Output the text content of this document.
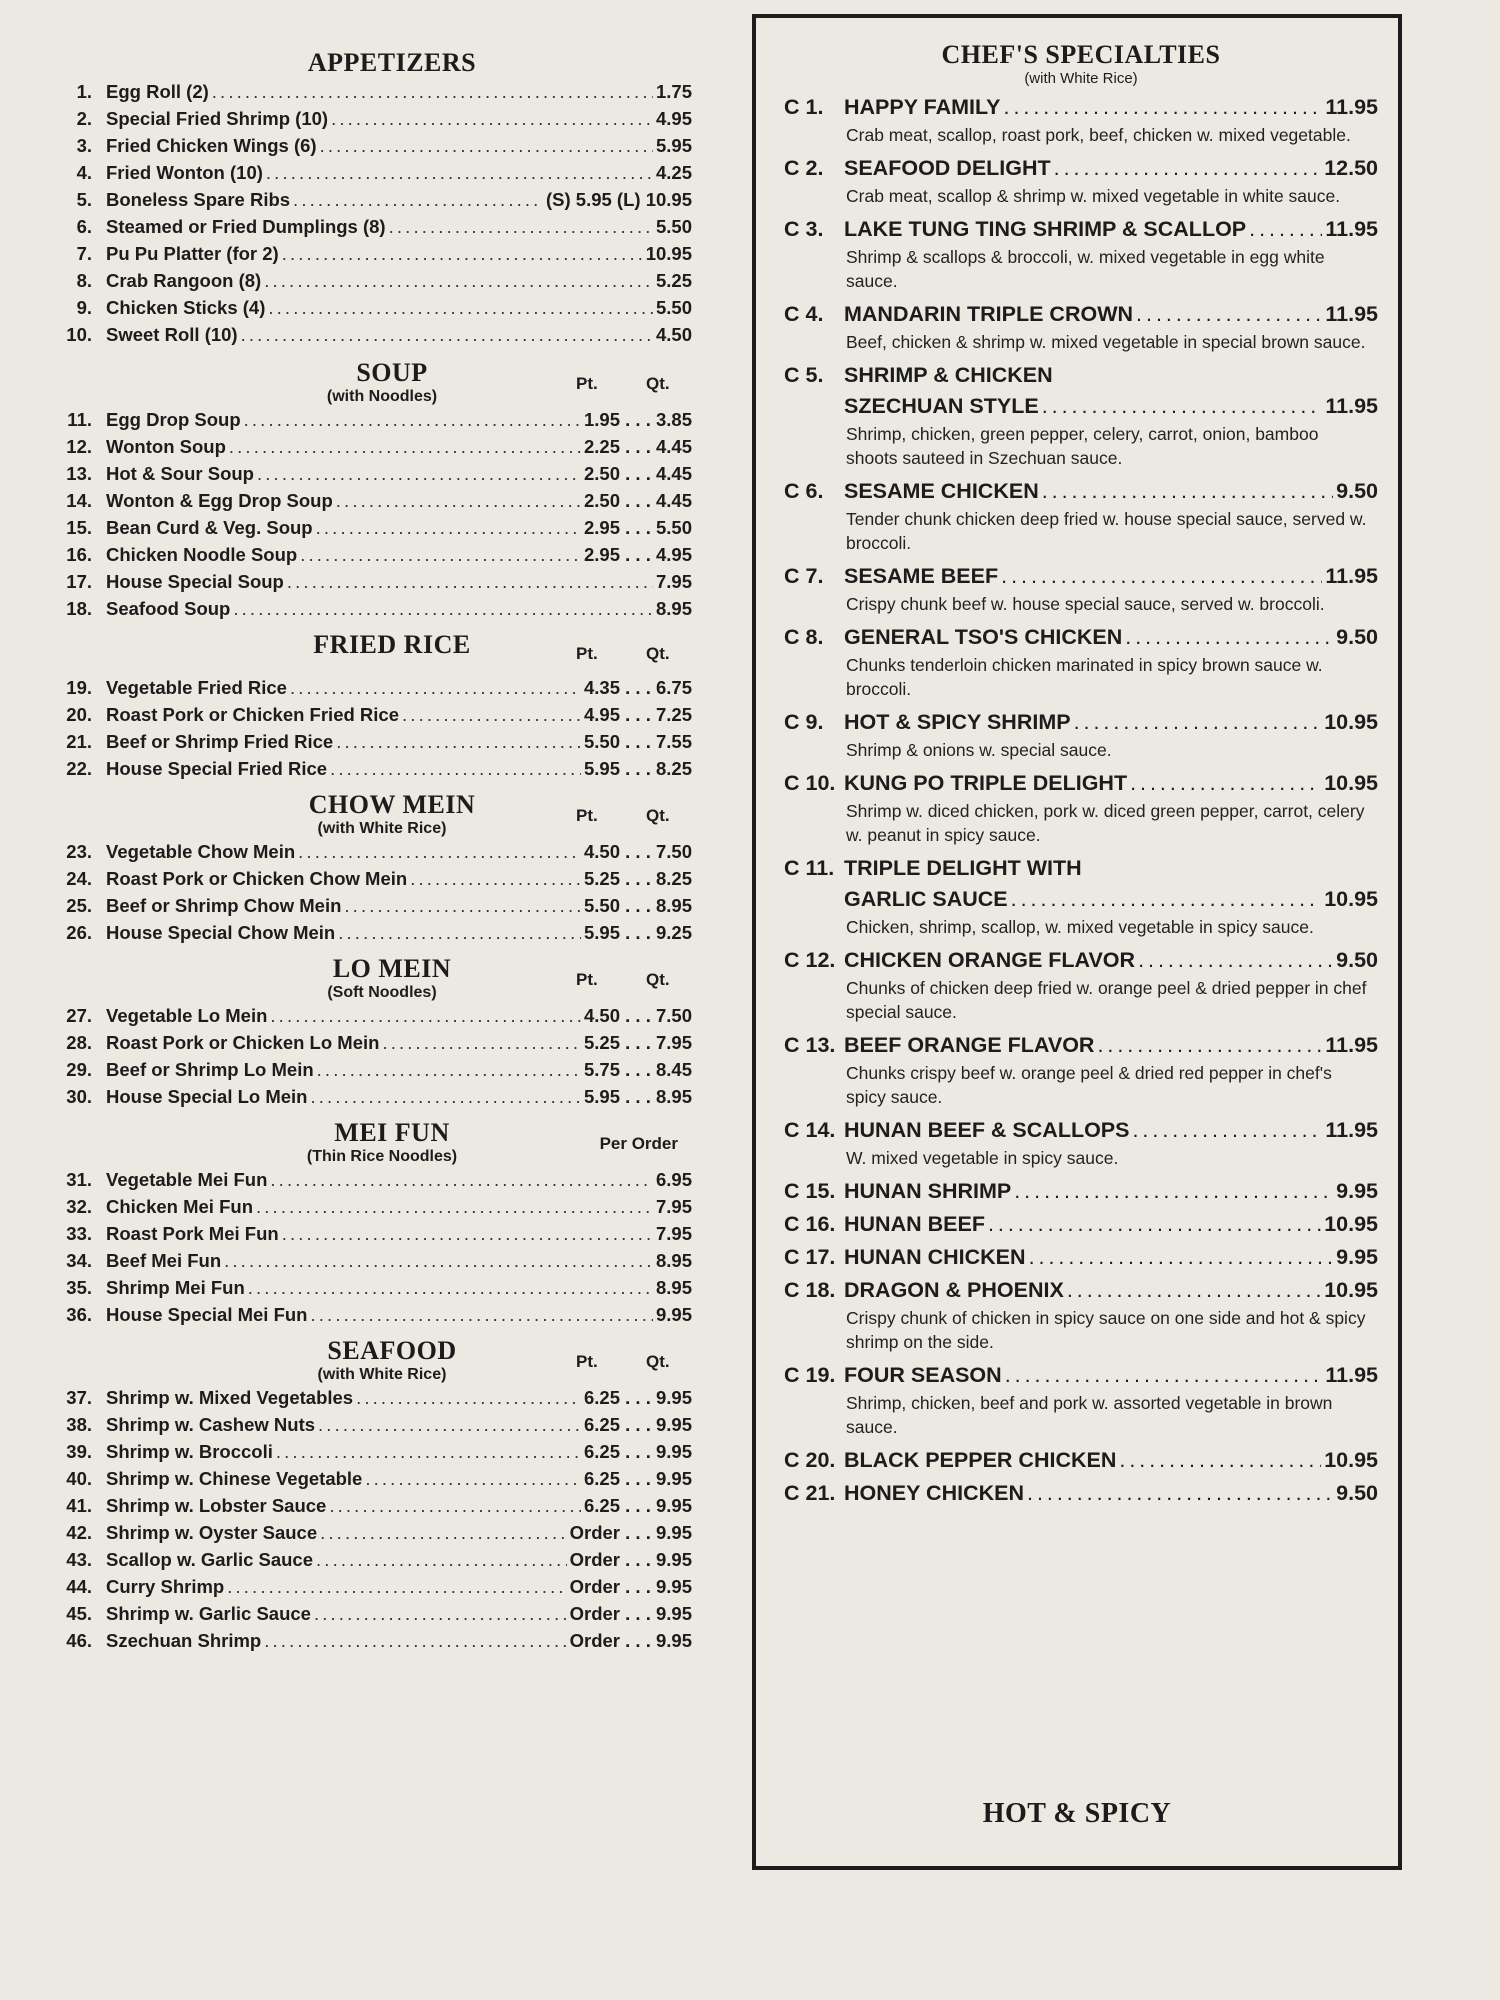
APPETIZERS
1. Egg Roll (2) . . .	1.75
2. Special Fried Shrimp (10) . . .	4.95
3. Fried Chicken Wings (6) . . .	5.95
4. Fried Wonton (10) . . .	4.25
5. Boneless Spare Ribs . . .	(S) 5.95 (L) 10.95
6. Steamed or Fried Dumplings (8) . . .	5.50
7. Pu Pu Platter (for 2) . . .	10.95
8. Crab Rangoon (8) . . .	5.25
9. Chicken Sticks (4) . . .	5.50
10. Sweet Roll (10) . . .	4.50
SOUP
(with Noodles)
Pt.	Qt.
11. Egg Drop Soup . . .	1.95 . . . 3.85
12. Wonton Soup . . .	2.25 . . . 4.45
13. Hot & Sour Soup . . .	2.50 . . . 4.45
14. Wonton & Egg Drop Soup . . .	2.50 . . . 4.45
15. Bean Curd & Veg. Soup . . .	2.95 . . . 5.50
16. Chicken Noodle Soup . . .	2.95 . . . 4.95
17. House Special Soup . . .	7.95
18. Seafood Soup . . .	8.95
FRIED RICE	Pt.	Qt.
19. Vegetable Fried Rice . . .	4.35 . . . 6.75
20. Roast Pork or Chicken Fried Rice . . .	4.95 . . . 7.25
21. Beef or Shrimp Fried Rice . . .	5.50 . . . 7.55
22. House Special Fried Rice . . .	5.95 . . . 8.25
CHOW MEIN
(with White Rice)
Pt.	Qt.
23. Vegetable Chow Mein . . .	4.50 . . . 7.50
24. Roast Pork or Chicken Chow Mein . . .	5.25 . . . 8.25
25. Beef or Shrimp Chow Mein . . .	5.50 . . . 8.95
26. House Special Chow Mein . . .	5.95 . . . 9.25
LO MEIN
(Soft Noodles)
Pt.	Qt.
27. Vegetable Lo Mein . . .	4.50 . . . 7.50
28. Roast Pork or Chicken Lo Mein . . .	5.25 . . . 7.95
29. Beef or Shrimp Lo Mein . . .	5.75 . . . 8.45
30. House Special Lo Mein . . .	5.95 . . . 8.95
MEI FUN
(Thin Rice Noodles)
Per Order
31. Vegetable Mei Fun . . .	6.95
32. Chicken Mei Fun . . .	7.95
33. Roast Pork Mei Fun . . .	7.95
34. Beef Mei Fun . . .	8.95
35. Shrimp Mei Fun . . .	8.95
36. House Special Mei Fun . . .	9.95
SEAFOOD
(with White Rice)
Pt.	Qt.
37. Shrimp w. Mixed Vegetables . . .	6.25 . . . 9.95
38. Shrimp w. Cashew Nuts . . .	6.25 . . . 9.95
39. Shrimp w. Broccoli . . .	6.25 . . . 9.95
40. Shrimp w. Chinese Vegetable . . .	6.25 . . . 9.95
41. Shrimp w. Lobster Sauce . . .	6.25 . . . 9.95
42. Shrimp w. Oyster Sauce . . .	Order . . . 9.95
43. Scallop w. Garlic Sauce . . .	Order . . . 9.95
44. Curry Shrimp . . .	Order . . . 9.95
45. Shrimp w. Garlic Sauce . . .	Order . . . 9.95
46. Szechuan Shrimp . . .	Order . . . 9.95
CHEF'S SPECIALTIES
(with White Rice)
C 1. HAPPY FAMILY . . .	11.95
Crab meat, scallop, roast pork, beef, chicken w. mixed vegetable.
C 2. SEAFOOD DELIGHT . . .	12.50
Crab meat, scallop & shrimp w. mixed vegetable in white sauce.
C 3. LAKE TUNG TING SHRIMP & SCALLOP . . .	11.95
Shrimp & scallops & broccoli, w. mixed vegetable in egg white sauce.
C 4. MANDARIN TRIPLE CROWN . . .	11.95
Beef, chicken & shrimp w. mixed vegetable in special brown sauce.
C 5. SHRIMP & CHICKEN
SZECHUAN STYLE . . .	11.95
Shrimp, chicken, green pepper, celery, carrot, onion, bamboo shoots sauteed in Szechuan sauce.
C 6. SESAME CHICKEN . . .	9.50
Tender chunk chicken deep fried w. house special sauce, served w. broccoli.
C 7. SESAME BEEF . . .	11.95
Crispy chunk beef w. house special sauce, served w. broccoli.
C 8. GENERAL TSO'S CHICKEN . . .	9.50
Chunks tenderloin chicken marinated in spicy brown sauce w. broccoli.
C 9. HOT & SPICY SHRIMP . . .	10.95
Shrimp & onions w. special sauce.
C 10. KUNG PO TRIPLE DELIGHT . . .	10.95
Shrimp w. diced chicken, pork w. diced green pepper, carrot, celery w. peanut in spicy sauce.
C 11. TRIPLE DELIGHT WITH
GARLIC SAUCE . . .	10.95
Chicken, shrimp, scallop, w. mixed vegetable in spicy sauce.
C 12. CHICKEN ORANGE FLAVOR . . .	9.50
Chunks of chicken deep fried w. orange peel & dried pepper in chef special sauce.
C 13. BEEF ORANGE FLAVOR . . .	11.95
Chunks crispy beef w. orange peel & dried red pepper in chef's spicy sauce.
C 14. HUNAN BEEF & SCALLOPS . . .	11.95
W. mixed vegetable in spicy sauce.
C 15. HUNAN SHRIMP . . .	9.95
C 16. HUNAN BEEF . . .	10.95
C 17. HUNAN CHICKEN . . .	9.95
C 18. DRAGON & PHOENIX . . .	10.95
Crispy chunk of chicken in spicy sauce on one side and hot & spicy shrimp on the side.
C 19. FOUR SEASON . . .	11.95
Shrimp, chicken, beef and pork w. assorted vegetable in brown sauce.
C 20. BLACK PEPPER CHICKEN . . .	10.95
C 21. HONEY CHICKEN . . .	9.50
HOT & SPICY
